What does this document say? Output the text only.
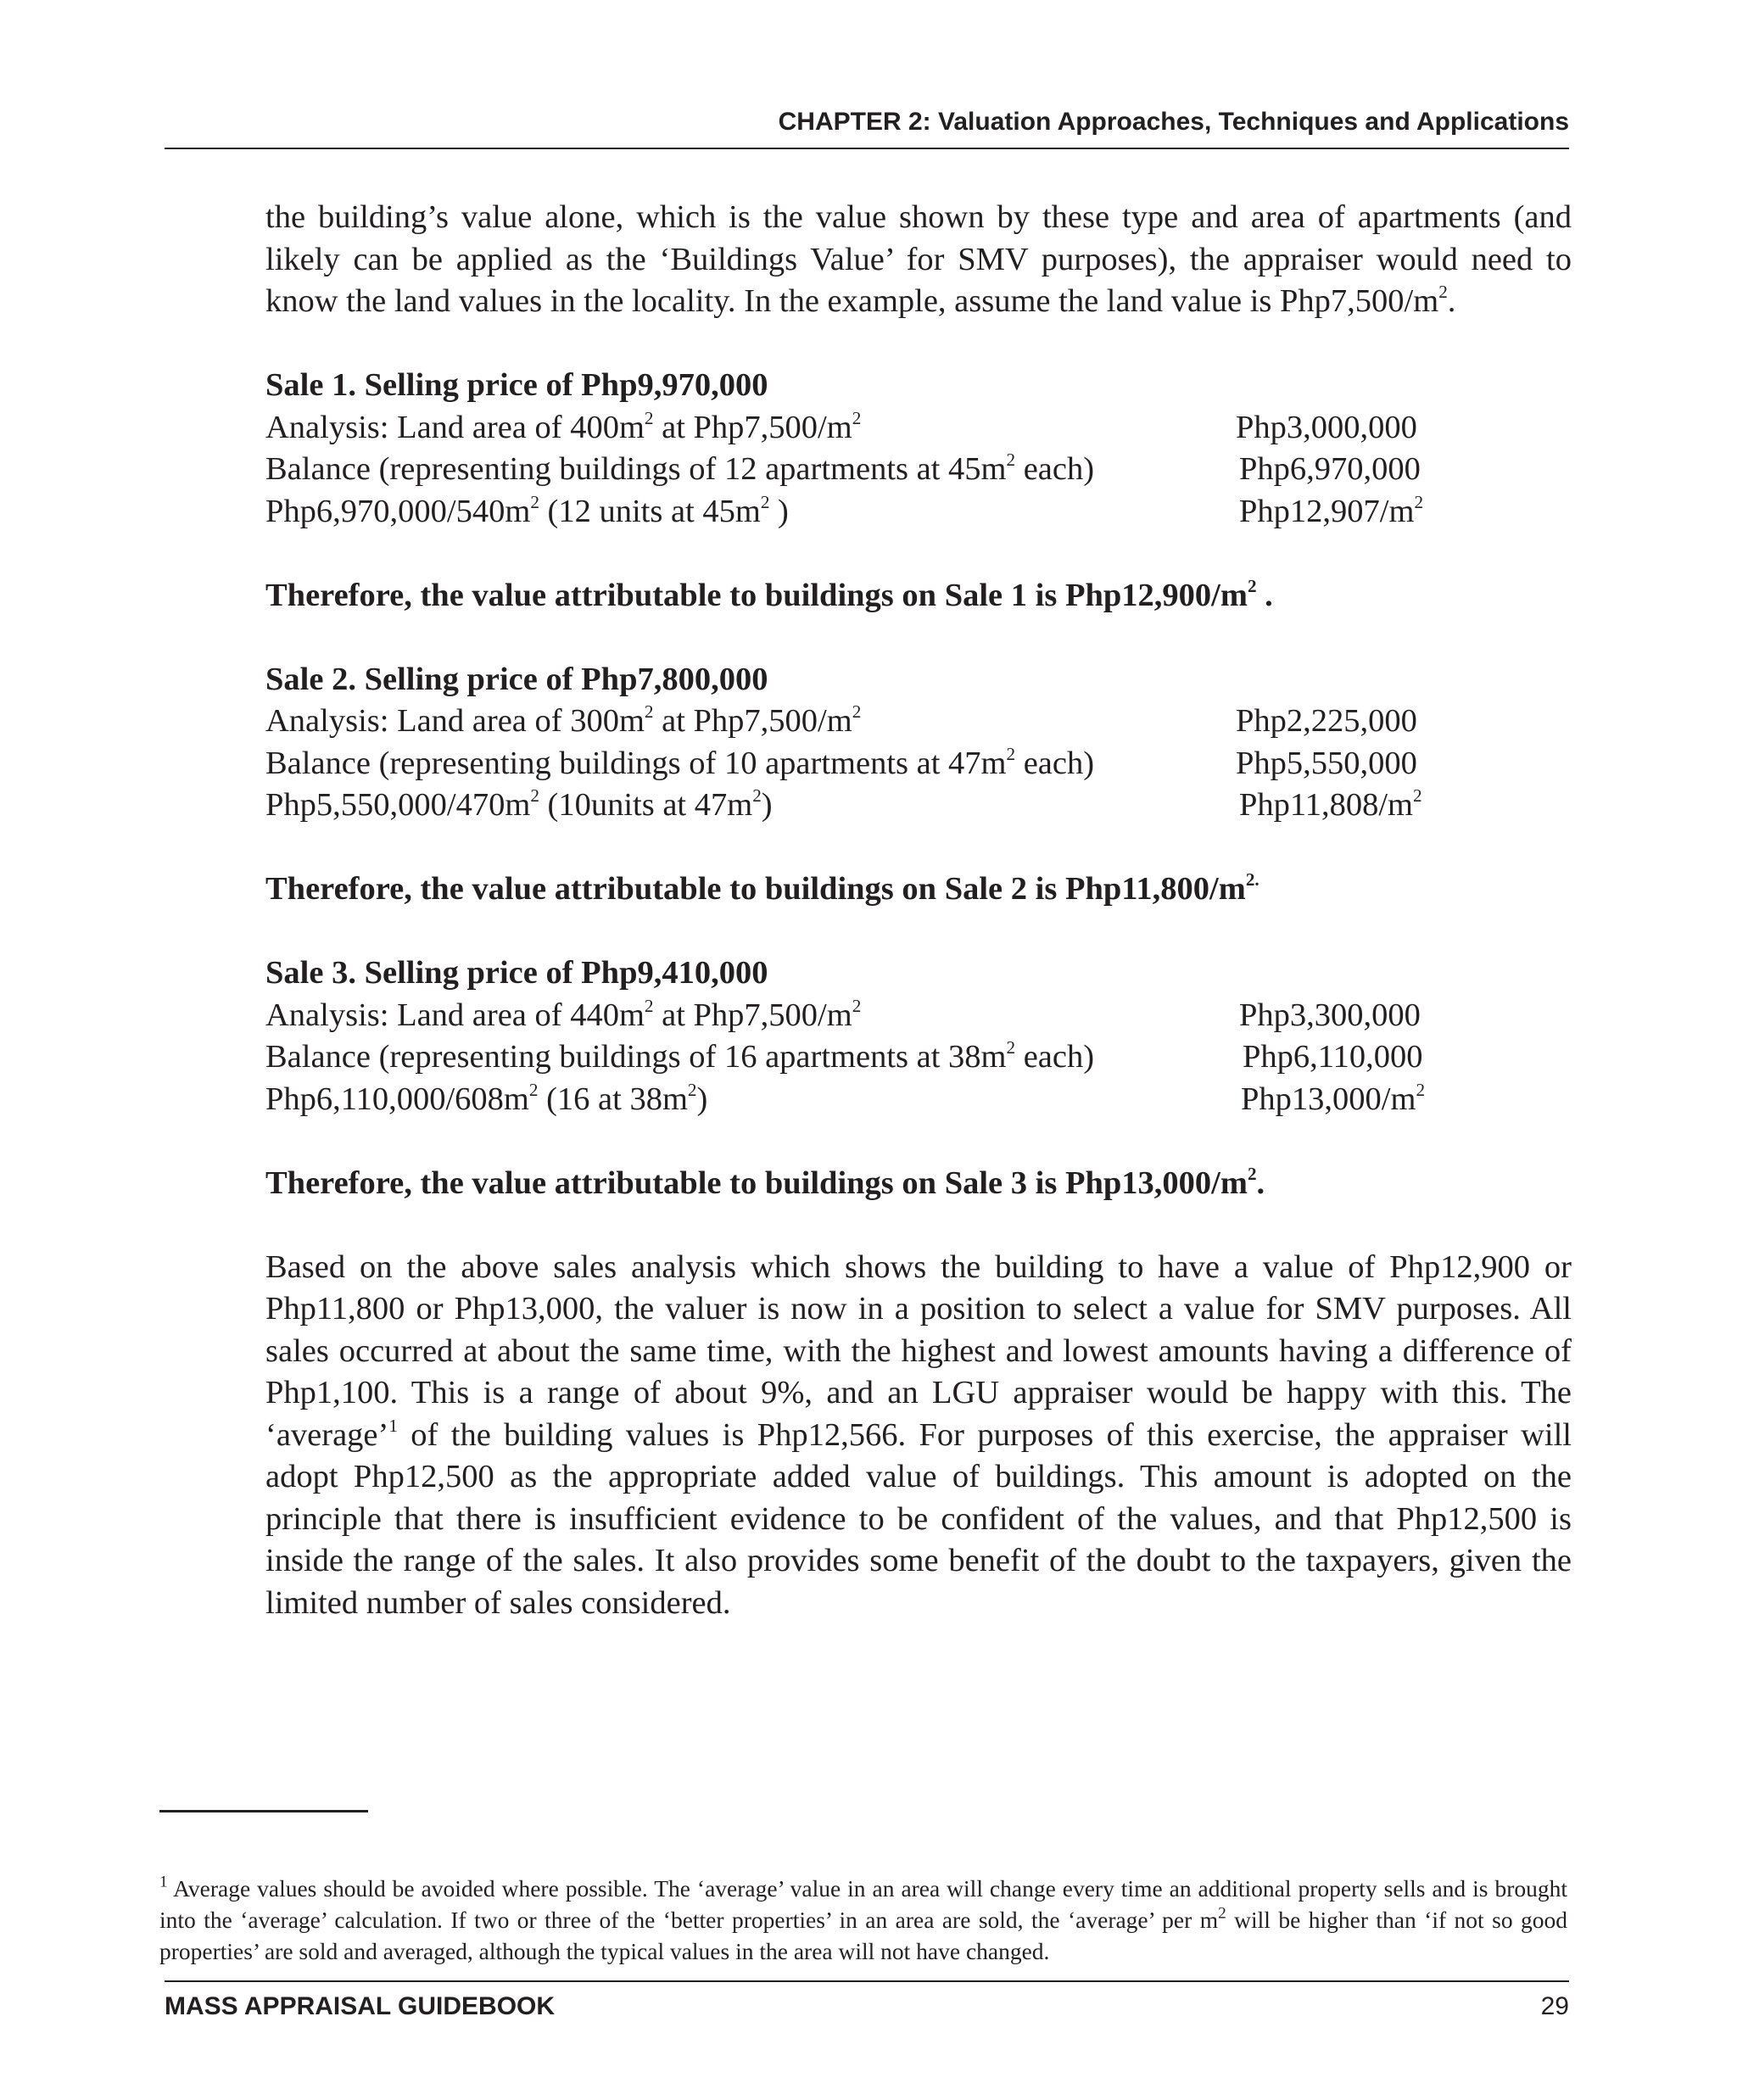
CHAPTER 2: Valuation Approaches, Techniques and Applications

the building’s value alone, which is the value shown by these type and area of apartments (and likely can be applied as the ‘Buildings Value’ for SMV purposes), the appraiser would need to know the land values in the locality. In the example, assume the land value is $Php7,500/m^2$.

Sale 1. Selling price of Php9,970,000
Analysis: Land area of $400m^2$ at $Php7,500/m^2$	Php3,000,000
Balance (representing buildings of 12 apartments at $45m^2$ each)	Php6,970,000
$Php6,970,000/540m^2$ (12 units at $45m^2$ )	$Php12,907/m^2$
Therefore, the value attributable to buildings on Sale 1 is $Php12,900/m^2$ .
Sale 2. Selling price of Php7,800,000
Analysis: Land area of $300m^2$ at $Php7,500/m^2$	Php2,225,000
Balance (representing buildings of 10 apartments at $47m^2$ each)	Php5,550,000
$Php5,550,000/470m^2$ (10units at $47m^2$)	$Php11,808/m^2$
Therefore, the value attributable to buildings on Sale 2 is $Php11,800/m^{2.}$
Sale 3. Selling price of Php9,410,000
Analysis: Land area of $440m^2$ at $Php7,500/m^2$	Php3,300,000
Balance (representing buildings of 16 apartments at $38m^2$ each)	Php6,110,000
$Php6,110,000/608m^2$ (16 at $38m^2$)	$Php13,000/m^2$
Therefore, the value attributable to buildings on Sale 3 is $Php13,000/m^2$.

Based on the above sales analysis which shows the building to have a value of Php12,900 or Php11,800 or Php13,000, the valuer is now in a position to select a value for SMV purposes. All sales occurred at about the same time, with the highest and lowest amounts having a difference of Php1,100. This is a range of about 9%, and an LGU appraiser would be happy with this. The ‘average’$^1$ of the building values is Php12,566. For purposes of this exercise, the appraiser will adopt Php12,500 as the appropriate added value of buildings. This amount is adopted on the principle that there is insufficient evidence to be confident of the values, and that Php12,500 is inside the range of the sales. It also provides some benefit of the doubt to the taxpayers, given the limited number of sales considered.

$^1$ Average values should be avoided where possible. The ‘average’ value in an area will change every time an additional property sells and is brought into the ‘average’ calculation. If two or three of the ‘better properties’ in an area are sold, the ‘average’ per $m^2$ will be higher than ‘if not so good properties’ are sold and averaged, although the typical values in the area will not have changed.
MASS APPRAISAL GUIDEBOOK	29
